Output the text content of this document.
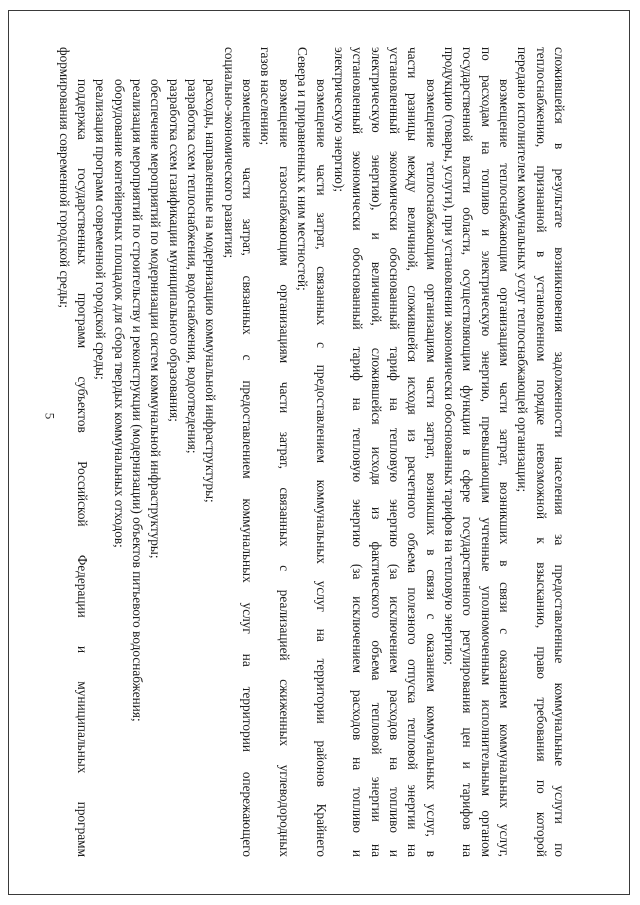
5	сложившейся в результате возникновения задолженности населения за предоставленные коммунальные услуги по
теплоснабжению, признанной в установленном порядке невозможной к взысканию, право требования по которой
передано исполнителем коммунальных услуг теплоснабжающей организации;
возмещение теплоснабжающим организациям части затрат, возникших в связи с оказанием коммунальных услуг,
по расходам на топливо и электрическую энергию, превышающим учтенные уполномоченным исполнительным органом
государственной власти области, осуществляющим функции в сфере государственного регулирования цен и тарифов на
продукцию (товары, услуги), при установлении экономически обоснованных тарифов на тепловую энергию;
возмещение теплоснабжающим организациям части затрат, возникших в связи с оказанием коммунальных услуг, в
части разницы между величиной, сложившейся исходя из расчетного объема полезного отпуска тепловой энергии на
установленный экономически обоснованный тариф на тепловую энергию (за исключением расходов на топливо и
электрическую энергию), и величиной, сложившейся исходя из фактического объема тепловой энергии на
установленный экономически обоснованный тариф на тепловую энергию (за исключением расходов на топливо и
электрическую энергию);
возмещение части затрат, связанных с предоставлением коммунальных услуг на территории районов Крайнего
Севера и приравненных к ним местностей;
возмещение газоснабжающим организациям части затрат, связанных с реализацией сжиженных углеводородных
газов населению;
возмещение части затрат, связанных с предоставлением коммунальных услуг на территории опережающего
социально-экономического развития;
расходы, направленные на модернизацию коммунальной инфраструктуры;
разработка схем теплоснабжения, водоснабжения, водоотведения;
разработка схем газификации муниципального образования;
обеспечение мероприятий по модернизации систем коммунальной инфраструктуры;
реализация мероприятий по строительству и реконструкции (модернизации) объектов питьевого водоснабжения;
оборудование контейнерных площадок для сбора твердых коммунальных отходов;
реализация программ современной городской среды;
поддержка государственных программ субъектов Российской Федерации и муниципальных программ
формирования современной городской среды;
